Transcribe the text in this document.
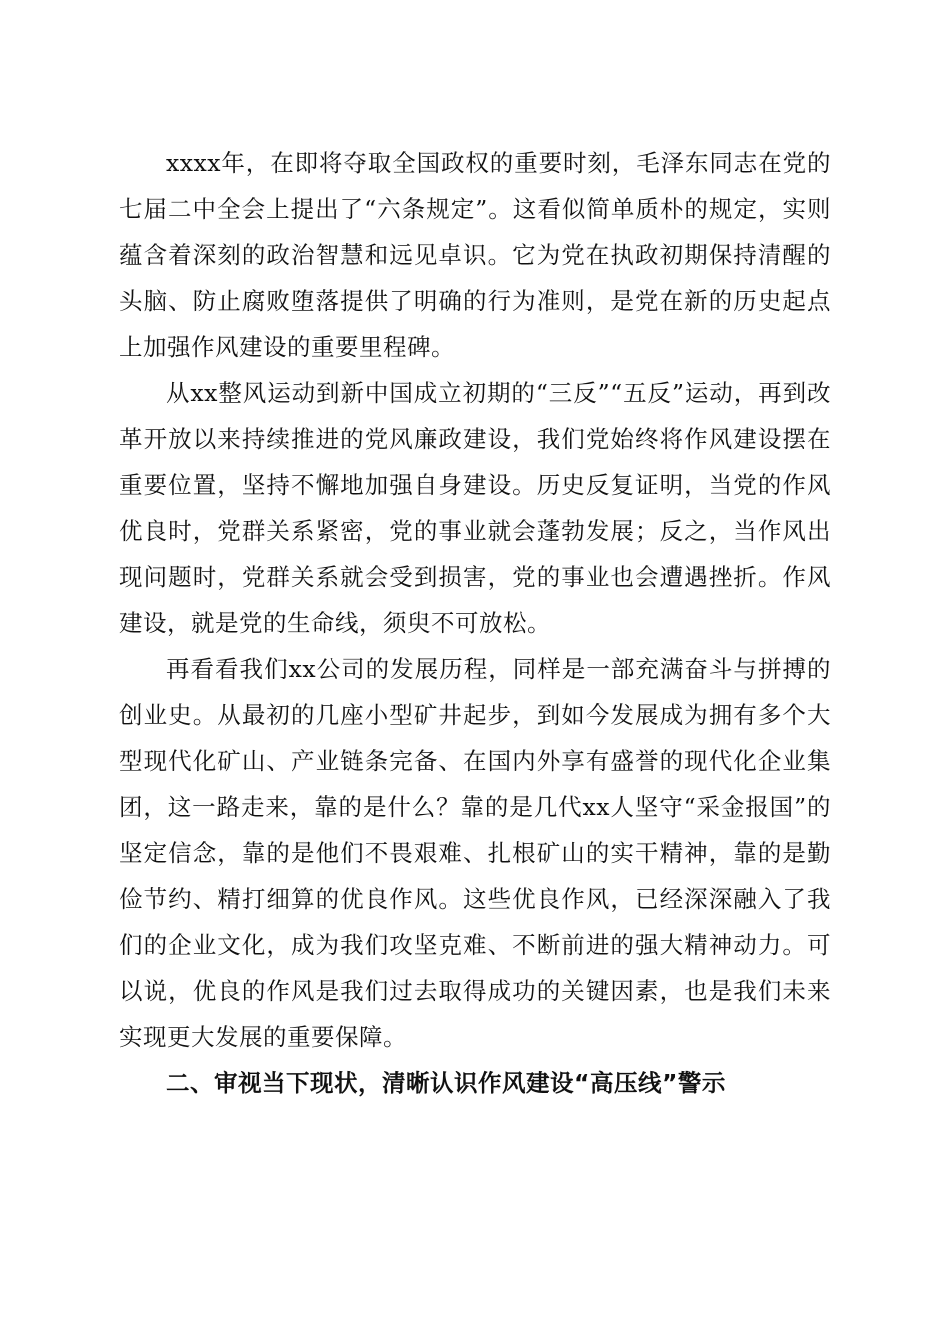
xxxx年，在即将夺取全国政权的重要时刻，毛泽东同志在党的七届二中全会上提出了“六条规定”。这看似简单质朴的规定，实则蕴含着深刻的政治智慧和远见卓识。它为党在执政初期保持清醒的头脑、防止腐败堕落提供了明确的行为准则，是党在新的历史起点上加强作风建设的重要里程碑。

从xx整风运动到新中国成立初期的“三反”“五反”运动，再到改革开放以来持续推进的党风廉政建设，我们党始终将作风建设摆在重要位置，坚持不懈地加强自身建设。历史反复证明，当党的作风优良时，党群关系紧密，党的事业就会蓬勃发展；反之，当作风出现问题时，党群关系就会受到损害，党的事业也会遭遇挫折。作风建设，就是党的生命线，须臾不可放松。

再看看我们xx公司的发展历程，同样是一部充满奋斗与拼搏的创业史。从最初的几座小型矿井起步，到如今发展成为拥有多个大型现代化矿山、产业链条完备、在国内外享有盛誉的现代化企业集团，这一路走来，靠的是什么？靠的是几代xx人坚守“采金报国”的坚定信念，靠的是他们不畏艰难、扎根矿山的实干精神，靠的是勤俭节约、精打细算的优良作风。这些优良作风，已经深深融入了我们的企业文化，成为我们攻坚克难、不断前进的强大精神动力。可以说，优良的作风是我们过去取得成功的关键因素，也是我们未来实现更大发展的重要保障。

二、审视当下现状，清晰认识作风建设“高压线”警示
